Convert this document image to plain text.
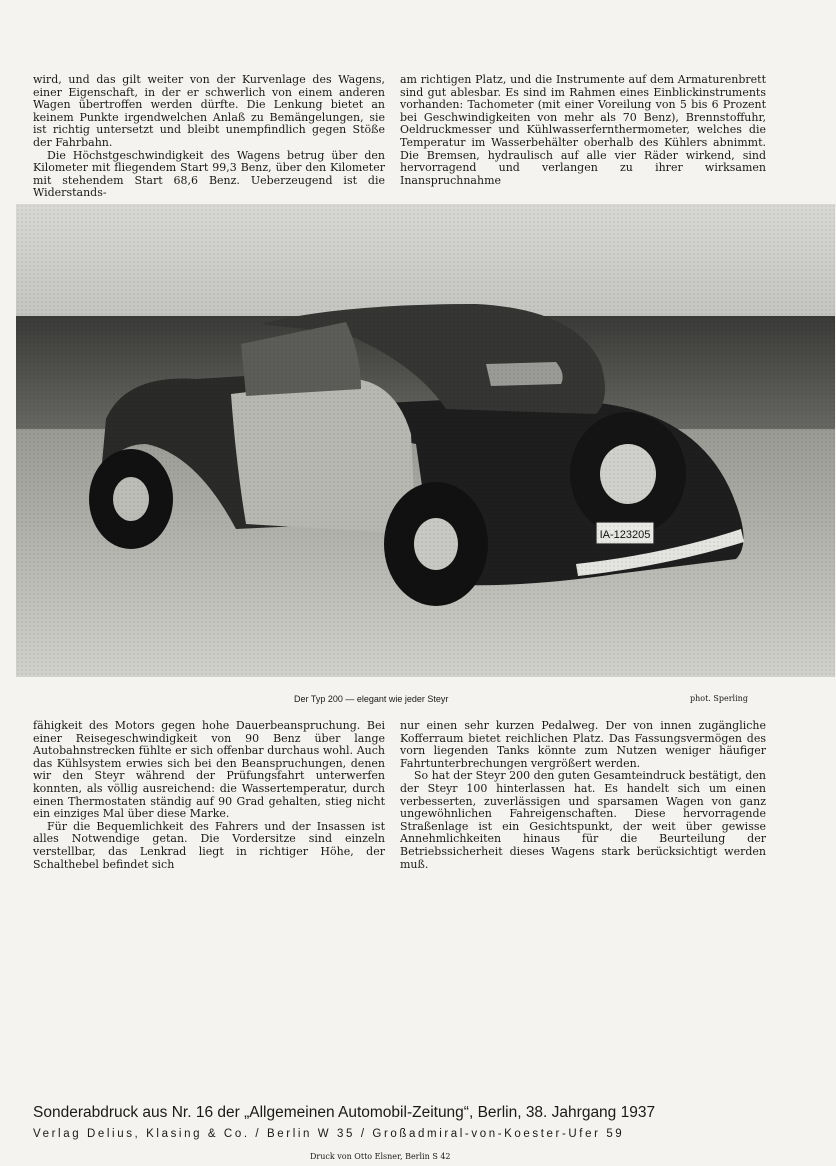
wird, und das gilt weiter von der Kurvenlage des Wagens, einer Eigenschaft, in der er schwerlich von einem anderen Wagen übertroffen werden dürfte. Die Lenkung bietet an keinem Punkte irgendwelchen Anlaß zu Bemängelungen, sie ist richtig untersetzt und bleibt unempfindlich gegen Stöße der Fahrbahn.

Die Höchstgeschwindigkeit des Wagens betrug über den Kilometer mit fliegendem Start 99,3 Benz, über den Kilometer mit stehendem Start 68,6 Benz. Ueberzeugend ist die Widerstands-

am richtigen Platz, und die Instrumente auf dem Armaturenbrett sind gut ablesbar. Es sind im Rahmen eines Einblickinstruments vorhanden: Tachometer (mit einer Voreilung von 5 bis 6 Prozent bei Geschwindigkeiten von mehr als 70 Benz), Brennstoffuhr, Oeldruckmesser und Kühlwasserfernthermometer, welches die Temperatur im Wasserbehälter oberhalb des Kühlers abnimmt. Die Bremsen, hydraulisch auf alle vier Räder wirkend, sind hervorragend und verlangen zu ihrer wirksamen Inanspruchnahme

Der Typ 200 — elegant wie jeder Steyr	phot. Sperling

fähigkeit des Motors gegen hohe Dauerbeanspruchung. Bei einer Reisegeschwindigkeit von 90 Benz über lange Autobahnstrecken fühlte er sich offenbar durchaus wohl. Auch das Kühlsystem erwies sich bei den Beanspruchungen, denen wir den Steyr während der Prüfungsfahrt unterwerfen konnten, als völlig ausreichend: die Wassertemperatur, durch einen Thermostaten ständig auf 90 Grad gehalten, stieg nicht ein einziges Mal über diese Marke.

Für die Bequemlichkeit des Fahrers und der Insassen ist alles Notwendige getan. Die Vordersitze sind einzeln verstellbar, das Lenkrad liegt in richtiger Höhe, der Schalthebel befindet sich

nur einen sehr kurzen Pedalweg. Der von innen zugängliche Kofferraum bietet reichlichen Platz. Das Fassungsvermögen des vorn liegenden Tanks könnte zum Nutzen weniger häufiger Fahrtunterbrechungen vergrößert werden.

So hat der Steyr 200 den guten Gesamteindruck bestätigt, den der Steyr 100 hinterlassen hat. Es handelt sich um einen verbesserten, zuverlässigen und sparsamen Wagen von ganz ungewöhnlichen Fahreigenschaften. Diese hervorragende Straßenlage ist ein Gesichtspunkt, der weit über gewisse Annehmlichkeiten hinaus für die Beurteilung der Betriebssicherheit dieses Wagens stark berücksichtigt werden muß.

Sonderabdruck aus Nr. 16 der „Allgemeinen Automobil-Zeitung“, Berlin, 38. Jahrgang 1937
Verlag Delius, Klasing & Co. / Berlin W 35 / Großadmiral-von-Koester-Ufer 59
Druck von Otto Elsner, Berlin S 42
